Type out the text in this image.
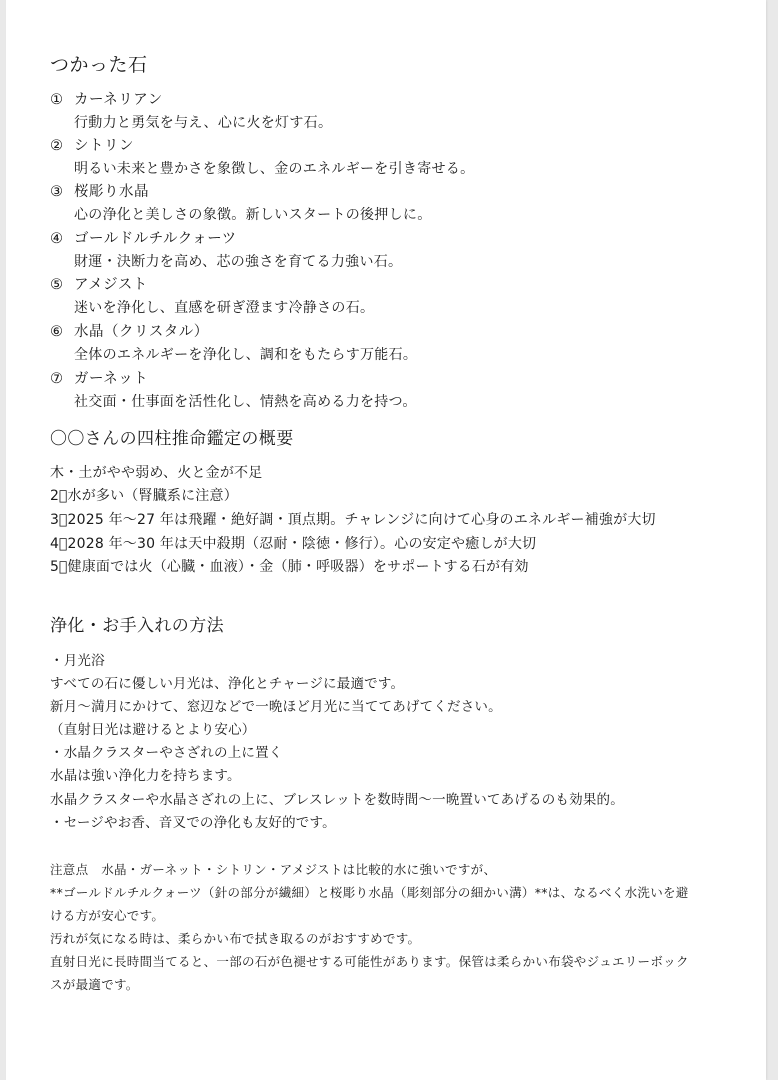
つかった石
① カーネリアン
行動力と勇気を与え、心に火を灯す石。
② シトリン
明るい未来と豊かさを象徴し、金のエネルギーを引き寄せる。
③ 桜彫り水晶
心の浄化と美しさの象徴。新しいスタートの後押しに。
④ ゴールドルチルクォーツ
財運・決断力を高め、芯の強さを育てる力強い石。
⑤ アメジスト
迷いを浄化し、直感を研ぎ澄ます冷静さの石。
⑥ 水晶（クリスタル）
全体のエネルギーを浄化し、調和をもたらす万能石。
⑦ ガーネット
社交面・仕事面を活性化し、情熱を高める力を持つ。
〇〇さんの四柱推命鑑定の概要
木・土がやや弱め、火と金が不足
2⃣水が多い（腎臓系に注意）
3⃣2025 年〜27 年は飛躍・絶好調・頂点期。チャレンジに向けて心身のエネルギー補強が大切
4⃣2028 年〜30 年は天中殺期（忍耐・陰徳・修行）。心の安定や癒しが大切
5⃣健康面では火（心臓・血液）・金（肺・呼吸器）をサポートする石が有効
浄化・お手入れの方法
・月光浴
すべての石に優しい月光は、浄化とチャージに最適です。
新月〜満月にかけて、窓辺などで一晩ほど月光に当ててあげてください。
（直射日光は避けるとより安心）
・水晶クラスターやさざれの上に置く
水晶は強い浄化力を持ちます。
水晶クラスターや水晶さざれの上に、ブレスレットを数時間〜一晩置いてあげるのも効果的。
・セージやお香、音叉での浄化も友好的です。
注意点　水晶・ガーネット・シトリン・アメジストは比較的水に強いですが、
**ゴールドルチルクォーツ（針の部分が繊細）と桜彫り水晶（彫刻部分の細かい溝）**は、なるべく水洗いを避
ける方が安心です。
汚れが気になる時は、柔らかい布で拭き取るのがおすすめです。
直射日光に長時間当てると、一部の石が色褪せする可能性があります。保管は柔らかい布袋やジュエリーボック
スが最適です。
